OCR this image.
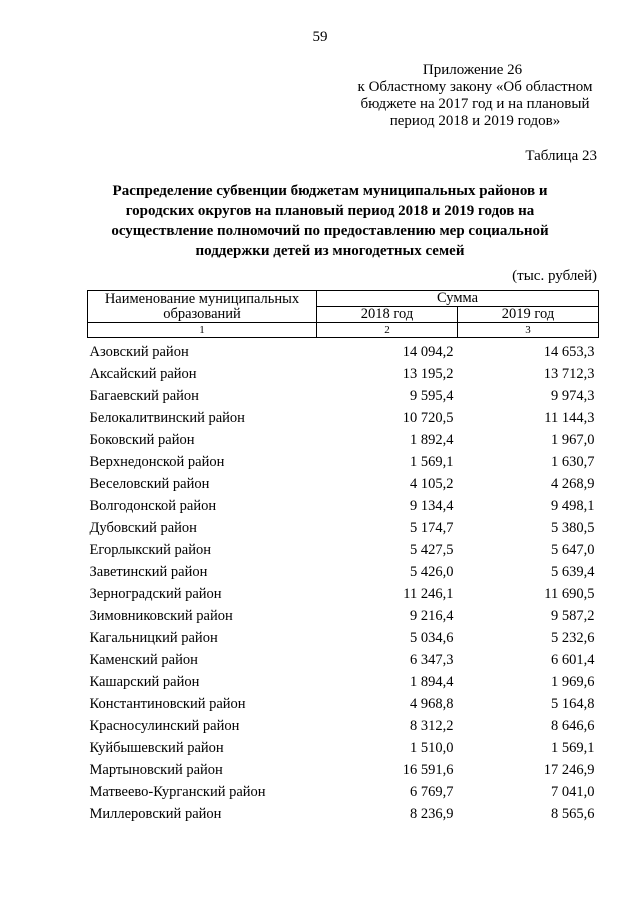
59
Приложение 26
к Областному закону «Об областном
бюджете на 2017 год и на плановый
период 2018 и 2019 годов»
Таблица 23
Распределение субвенции бюджетам муниципальных районов и
городских округов на плановый период 2018 и 2019 годов на
осуществление полномочий по предоставлению мер социальной
поддержки детей из многодетных семей
(тыс. рублей)
Наименование муниципальных образований	Сумма	
	2018 год	2019 год
1	2	3
Азовский район	14 094,2	14 653,3
Аксайский район	13 195,2	13 712,3
Багаевский район	9 595,4	9 974,3
Белокалитвинский район	10 720,5	11 144,3
Боковский район	1 892,4	1 967,0
Верхнедонской район	1 569,1	1 630,7
Веселовский район	4 105,2	4 268,9
Волгодонской район	9 134,4	9 498,1
Дубовский район	5 174,7	5 380,5
Егорлыкский район	5 427,5	5 647,0
Заветинский район	5 426,0	5 639,4
Зерноградский район	11 246,1	11 690,5
Зимовниковский район	9 216,4	9 587,2
Кагальницкий район	5 034,6	5 232,6
Каменский район	6 347,3	6 601,4
Кашарский район	1 894,4	1 969,6
Константиновский район	4 968,8	5 164,8
Красносулинский район	8 312,2	8 646,6
Куйбышевский район	1 510,0	1 569,1
Мартыновский район	16 591,6	17 246,9
Матвеево-Курганский район	6 769,7	7 041,0
Миллеровский район	8 236,9	8 565,6
